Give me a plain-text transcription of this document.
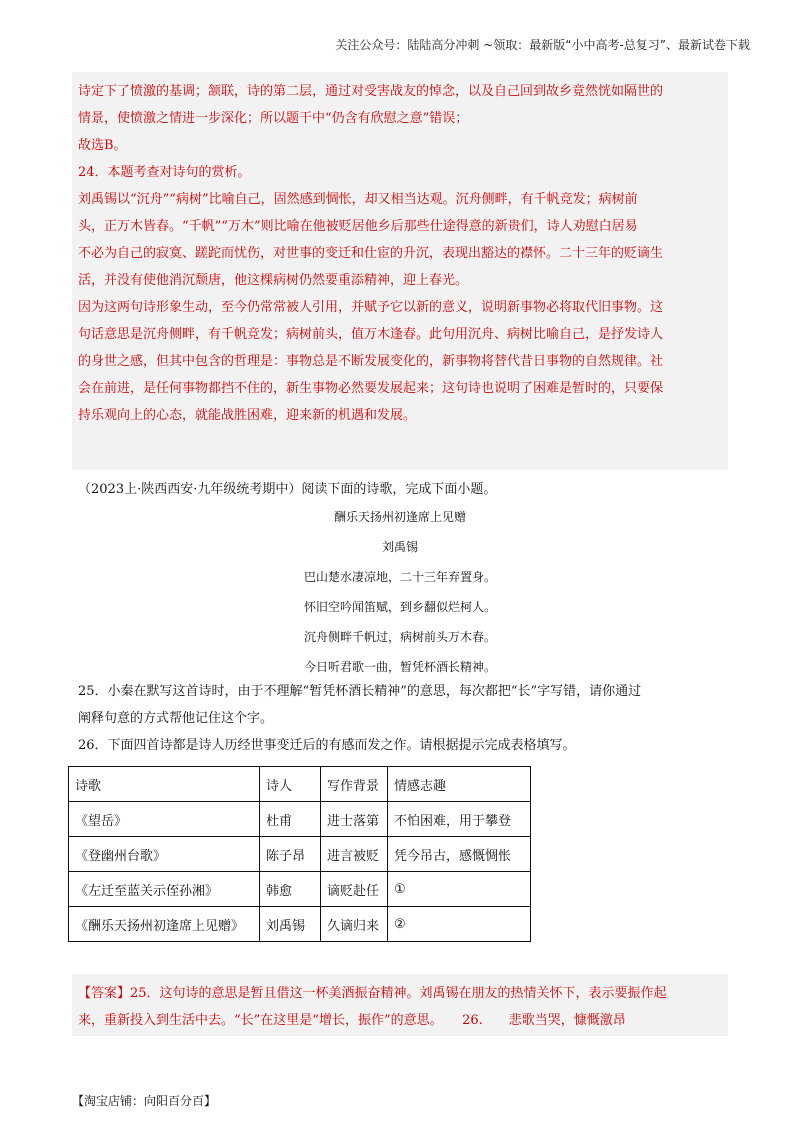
关注公众号：陆陆高分冲刺 ~领取：最新版“小中高考-总复习”、最新试卷下载

诗定下了愤激的基调；颔联，诗的第二层，通过对受害战友的悼念，以及自己回到故乡竟然恍如隔世的

情景，使愤激之情进一步深化；所以题干中“仍含有欣慰之意”错误；

故选B。

24．本题考查对诗句的赏析。

刘禹锡以“沉舟”“病树”比喻自己，固然感到惆怅，却又相当达观。沉舟侧畔，有千帆竞发；病树前

头，正万木皆春。“千帆”“万木”则比喻在他被贬居他乡后那些仕途得意的新贵们，诗人劝慰白居易

不必为自己的寂寞、蹉跎而忧伤，对世事的变迁和仕宦的升沉，表现出豁达的襟怀。二十三年的贬谪生

活，并没有使他消沉颓唐，他这棵病树仍然要重添精神，迎上春光。

因为这两句诗形象生动，至今仍常常被人引用，并赋予它以新的意义，说明新事物必将取代旧事物。这

句话意思是沉舟侧畔，有千帆竞发；病树前头，值万木逢春。此句用沉舟、病树比喻自己，是抒发诗人

的身世之感，但其中包含的哲理是：事物总是不断发展变化的，新事物将替代昔日事物的自然规律。社

会在前进，是任何事物都挡不住的，新生事物必然要发展起来；这句诗也说明了困难是暂时的，只要保

持乐观向上的心态，就能战胜困难，迎来新的机遇和发展。

（2023上·陕西西安·九年级统考期中）阅读下面的诗歌，完成下面小题。

酬乐天扬州初逢席上见赠
刘禹锡
巴山楚水凄凉地，二十三年弃置身。
怀旧空吟闻笛赋，到乡翻似烂柯人。
沉舟侧畔千帆过，病树前头万木春。
今日听君歌一曲，暂凭杯酒长精神。

25．小秦在默写这首诗时，由于不理解“暂凭杯酒长精神”的意思，每次都把“长”字写错，请你通过

阐释句意的方式帮他记住这个字。

26．下面四首诗都是诗人历经世事变迁后的有感而发之作。请根据提示完成表格填写。

诗歌	诗人	写作背景	情感志趣
《望岳》	杜甫	进士落第	不怕困难，用于攀登
《登幽州台歌》	陈子昂	进言被贬	凭今吊古，感慨惆怅
《左迁至蓝关示侄孙湘》	韩愈	谪贬赴任	①
《酬乐天扬州初逢席上见赠》	刘禹锡	久谪归来	②

【答案】25．这句诗的意思是暂且借这一杯美酒振奋精神。刘禹锡在朋友的热情关怀下，表示要振作起

来，重新投入到生活中去。“长”在这里是“增长，振作”的意思。　　26.　　悲歌当哭，慷慨激昂

【淘宝店铺：向阳百分百】
